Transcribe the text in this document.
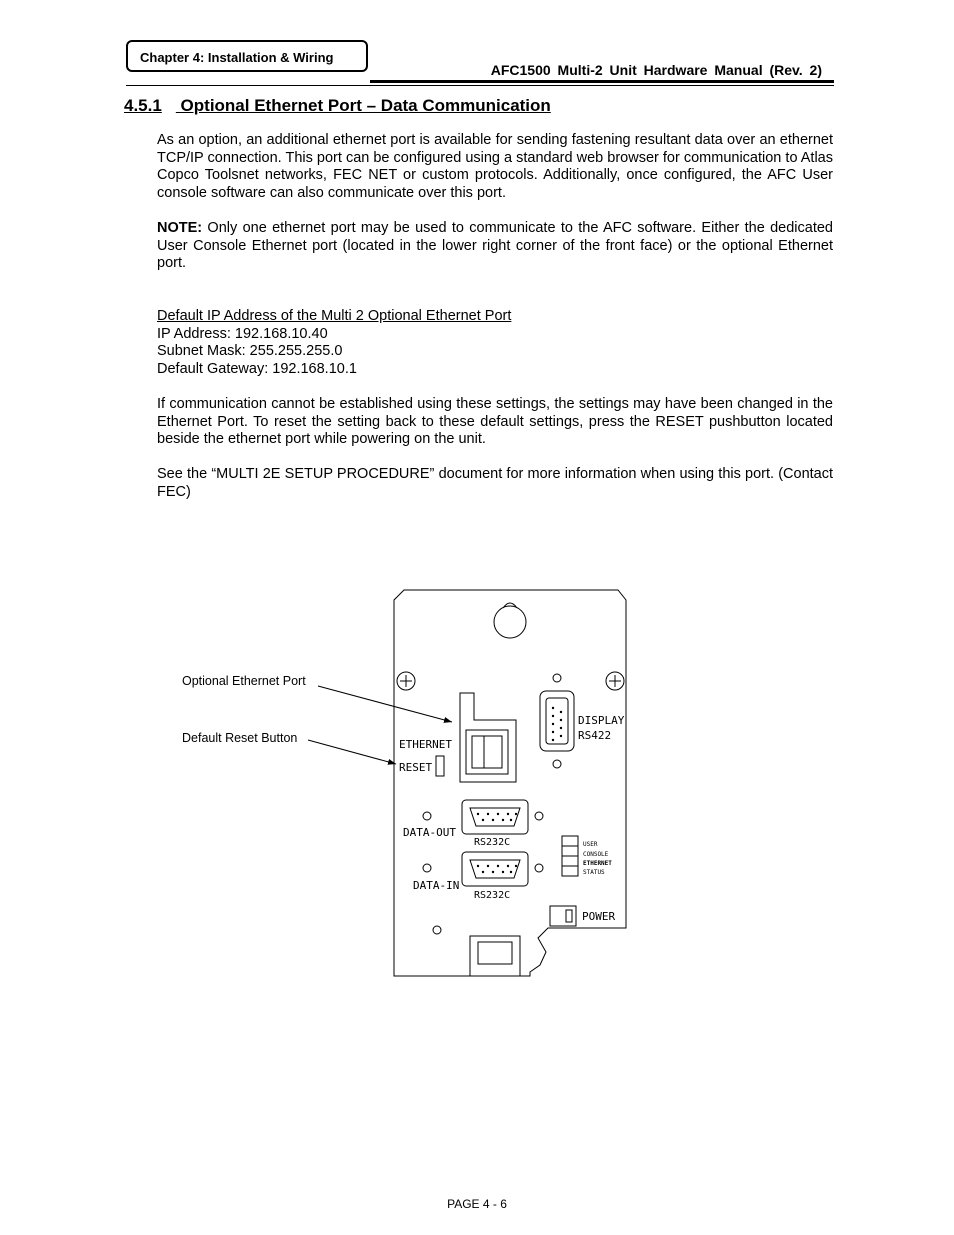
Chapter 4: Installation & Wiring
AFC1500 Multi-2 Unit Hardware Manual (Rev. 2)
4.5.1 Optional Ethernet Port – Data Communication

As an option, an additional ethernet port is available for sending fastening resultant data over an ethernet TCP/IP connection. This port can be configured using a standard web browser for communication to Atlas Copco Toolsnet networks, FEC NET or custom protocols. Additionally, once configured, the AFC User console software can also communicate over this port.

NOTE: Only one ethernet port may be used to communicate to the AFC software. Either the dedicated User Console Ethernet port (located in the lower right corner of the front face) or the optional Ethernet port.

Default IP Address of the Multi 2 Optional Ethernet Port
IP Address: 192.168.10.40
Subnet Mask: 255.255.255.0
Default Gateway: 192.168.10.1

If communication cannot be established using these settings, the settings may have been changed in the Ethernet Port. To reset the setting back to these default settings, press the RESET pushbutton located beside the ethernet port while powering on the unit.

See the “MULTI 2E SETUP PROCEDURE” document for more information when using this port. (Contact FEC)

Optional Ethernet Port
Default Reset Button	ETHERNET
RESET
DISPLAY
RS422
DATA-OUT
RS232C
DATA-IN
RS232C
USER
CONSOLE
ETHERNET
STATUS
POWER
PAGE 4 - 6
